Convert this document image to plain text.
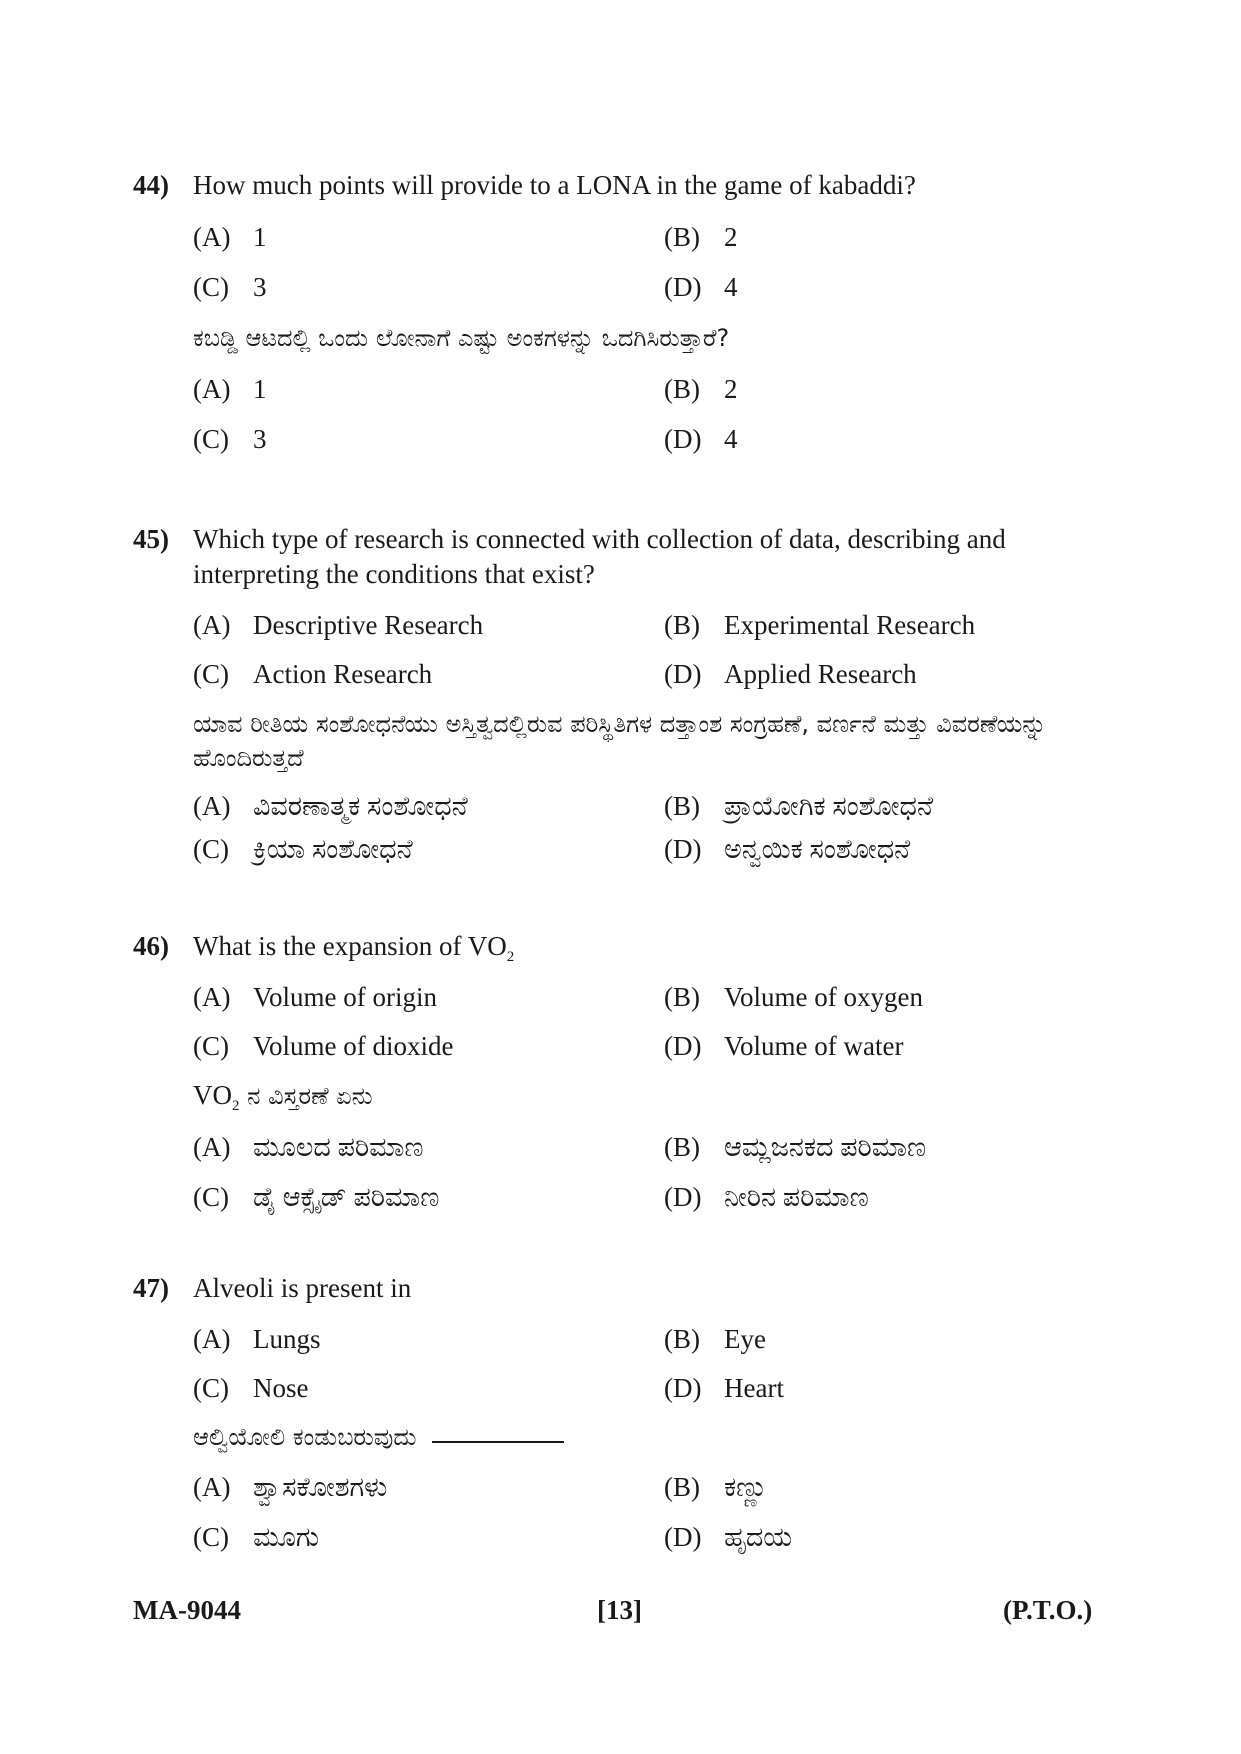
44) How much points will provide to a LONA in the game of kabaddi?
(A) 1	(B) 2
(C) 3	(D) 4
ಕಬಡ್ಡಿ ಆಟದಲ್ಲಿ ಒಂದು ಲೋನಾಗೆ ಎಷ್ಟು ಅಂಕಗಳನ್ನು ಒದಗಿಸಿರುತ್ತಾರೆ?
(A) 1	(B) 2
(C) 3	(D) 4
45) Which type of research is connected with collection of data, describing and interpreting the conditions that exist?
(A) Descriptive Research	(B) Experimental Research
(C) Action Research	(D) Applied Research
ಯಾವ ರೀತಿಯ ಸಂಶೋಧನೆಯು ಅಸ್ತಿತ್ವದಲ್ಲಿರುವ ಪರಿಸ್ಥಿತಿಗಳ ದತ್ತಾಂಶ ಸಂಗ್ರಹಣೆ, ವರ್ಣನೆ ಮತ್ತು ವಿವರಣೆಯನ್ನು ಹೊಂದಿರುತ್ತದೆ
(A) ವಿವರಣಾತ್ಮಕ ಸಂಶೋಧನೆ	(B) ಪ್ರಾಯೋಗಿಕ ಸಂಶೋಧನೆ
(C) ಕ್ರಿಯಾ ಸಂಶೋಧನೆ	(D) ಅನ್ವಯಿಕ ಸಂಶೋಧನೆ
46) What is the expansion of $VO_2$
(A) Volume of origin	(B) Volume of oxygen
(C) Volume of dioxide	(D) Volume of water
$VO_2$ ನ ವಿಸ್ತರಣೆ ಏನು
(A) ಮೂಲದ ಪರಿಮಾಣ	(B) ಆಮ್ಲಜನಕದ ಪರಿಮಾಣ
(C) ಡೈ ಆಕ್ಸೈಡ್ ಪರಿಮಾಣ	(D) ನೀರಿನ ಪರಿಮಾಣ
47) Alveoli is present in
(A) Lungs	(B) Eye
(C) Nose	(D) Heart
ಆಲ್ವಿಯೋಲಿ ಕಂಡುಬರುವುದು
(A) ಶ್ವಾಸಕೋಶಗಳು	(B) ಕಣ್ಣು
(C) ಮೂಗು	(D) ಹೃದಯ
MA-9044	[13]	(P.T.O.)
